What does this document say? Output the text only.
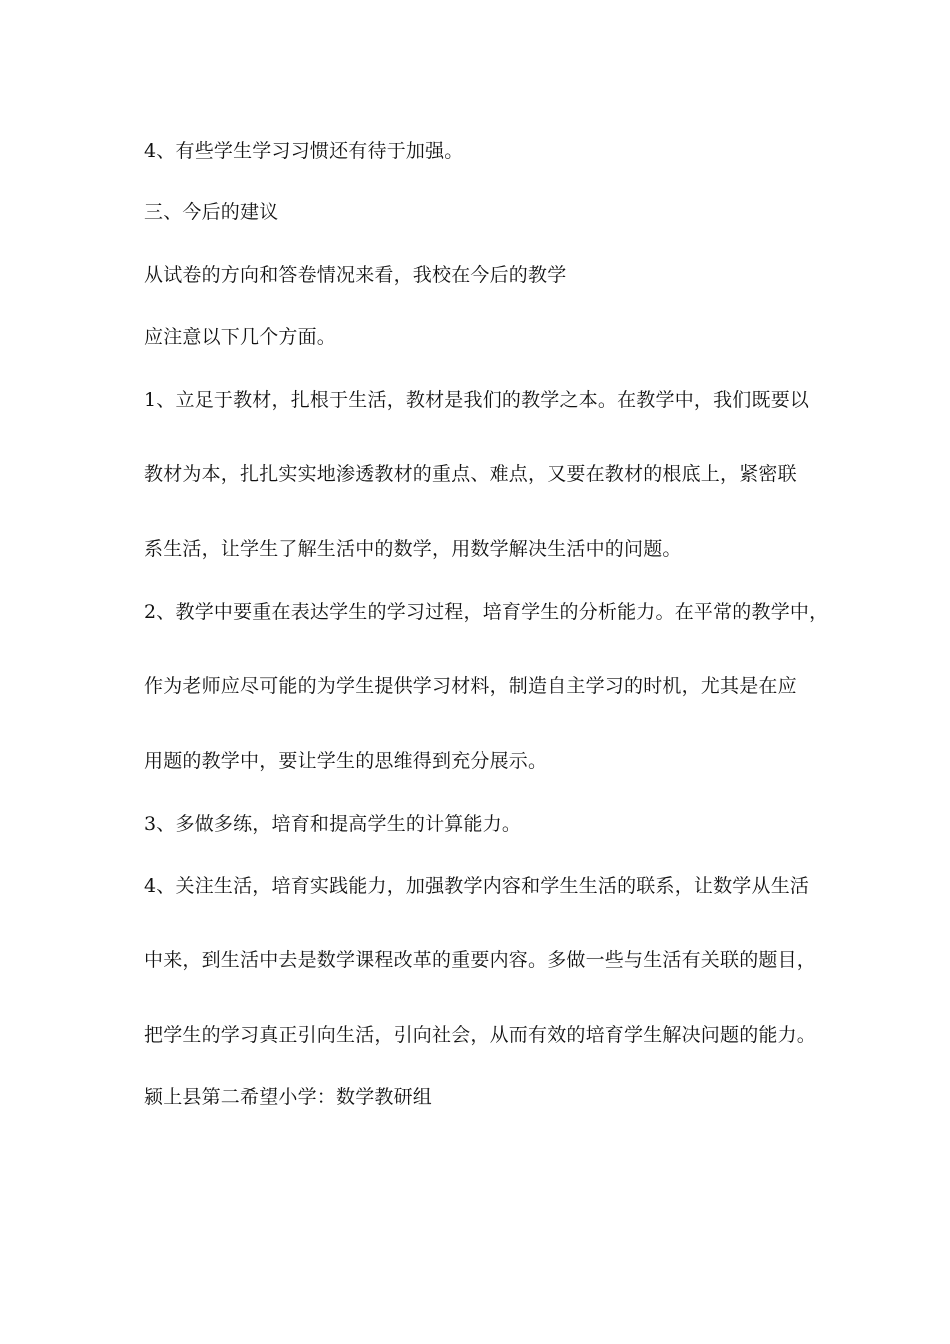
4、有些学生学习习惯还有待于加强。
三、今后的建议
从试卷的方向和答卷情况来看，我校在今后的教学
应注意以下几个方面。
1、立足于教材，扎根于生活，教材是我们的教学之本。在教学中，我们既要以
教材为本，扎扎实实地渗透教材的重点、难点，又要在教材的根底上，紧密联
系生活，让学生了解生活中的数学，用数学解决生活中的问题。
2、教学中要重在表达学生的学习过程，培育学生的分析能力。在平常的教学中，
作为老师应尽可能的为学生提供学习材料，制造自主学习的时机，尤其是在应
用题的教学中，要让学生的思维得到充分展示。
3、多做多练，培育和提高学生的计算能力。
4、关注生活，培育实践能力，加强教学内容和学生生活的联系，让数学从生活
中来，到生活中去是数学课程改革的重要内容。多做一些与生活有关联的题目，
把学生的学习真正引向生活，引向社会，从而有效的培育学生解决问题的能力。
颍上县第二希望小学：数学教研组
